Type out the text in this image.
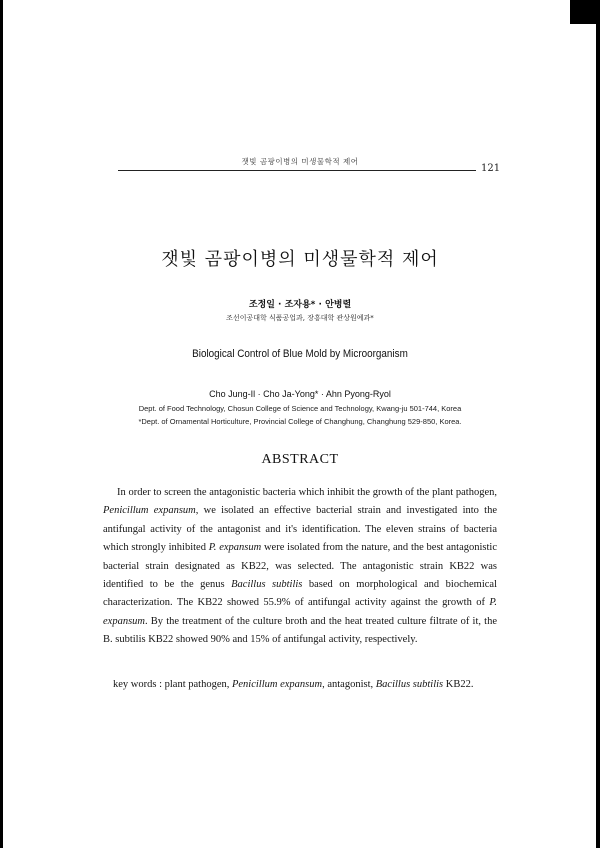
잿빛 곰팡이병의 미생물학적 제어
121
잿빛 곰팡이병의 미생물학적 제어
조정일 · 조자용* · 안병렬
조선이공대학 식품공업과, 장흥대학 관상원예과*
Biological Control of Blue Mold by Microorganism
Cho Jung-Il · Cho Ja-Yong* · Ahn Pyong-Ryol
Dept. of Food Technology, Chosun College of Science and Technology, Kwang-ju 501-744, Korea
*Dept. of Ornamental Horticulture, Provincial College of Changhung, Changhung 529-850, Korea.
ABSTRACT

In order to screen the antagonistic bacteria which inhibit the growth of the plant pathogen, Penicillum expansum, we isolated an effective bacterial strain and investigated into the antifungal activity of the antagonist and it's identification. The eleven strains of bacteria which strongly inhibited P. expansum were isolated from the nature, and the best antagonistic bacterial strain designated as KB22, was selected. The antagonistic strain KB22 was identified to be the genus Bacillus subtilis based on morphological and biochemical characterization. The KB22 showed 55.9% of antifungal activity against the growth of P. expansum. By the treatment of the culture broth and the heat treated culture filtrate of it, the B. subtilis KB22 showed 90% and 15% of antifungal activity, respectively.

key words : plant pathogen, Penicillum expansum, antagonist, Bacillus subtilis KB22.
